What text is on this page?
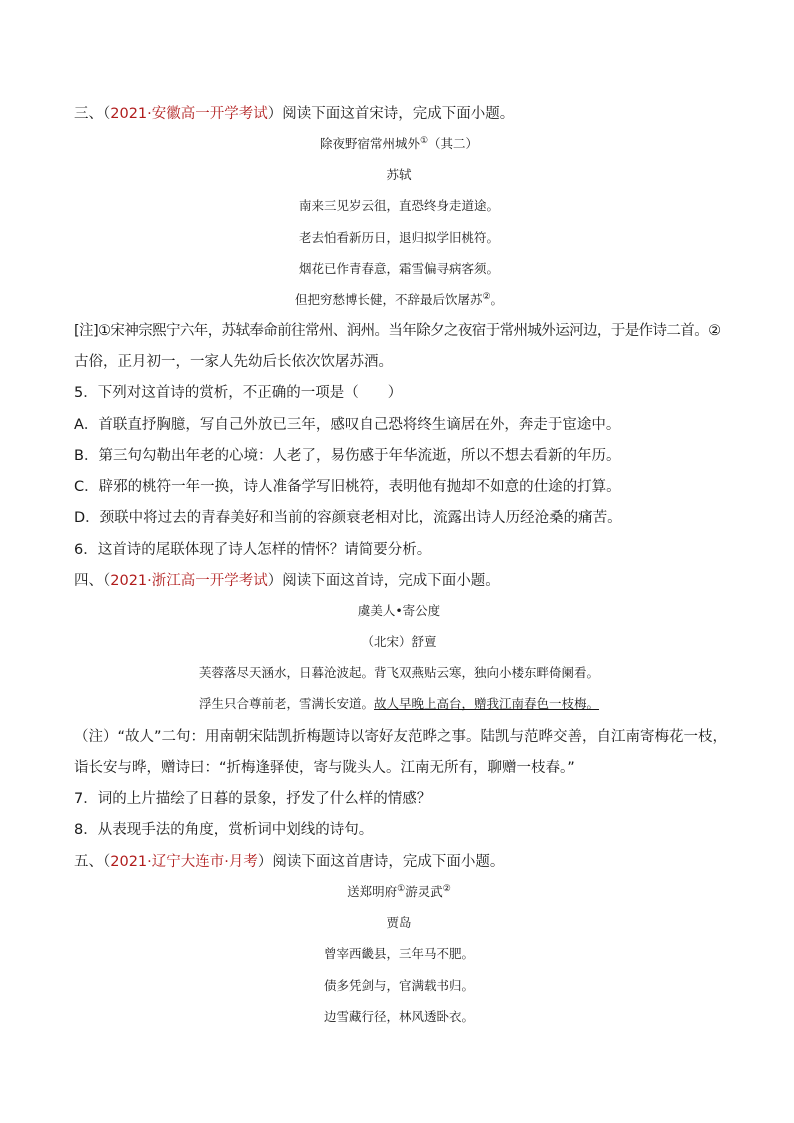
三、（2021·安徽高一开学考试）阅读下面这首宋诗，完成下面小题。
除夜野宿常州城外①（其二）
苏轼
南来三见岁云徂，直恐终身走道途。
老去怕看新历日，退归拟学旧桃符。
烟花已作青春意，霜雪偏寻病客须。
但把穷愁博长健，不辞最后饮屠苏②。
[注]①宋神宗熙宁六年，苏轼奉命前往常州、润州。当年除夕之夜宿于常州城外运河边，于是作诗二首。②
古俗，正月初一，一家人先幼后长依次饮屠苏酒。
5．下列对这首诗的赏析，不正确的一项是（　　）
A．首联直抒胸臆，写自己外放已三年，感叹自己恐将终生谪居在外，奔走于宦途中。
B．第三句勾勒出年老的心境：人老了，易伤感于年华流逝，所以不想去看新的年历。
C．辟邪的桃符一年一换，诗人准备学写旧桃符，表明他有抛却不如意的仕途的打算。
D．颈联中将过去的青春美好和当前的容颜衰老相对比，流露出诗人历经沧桑的痛苦。
6．这首诗的尾联体现了诗人怎样的情怀？请简要分析。
四、（2021·浙江高一开学考试）阅读下面这首诗，完成下面小题。
虞美人•寄公度
（北宋）舒亶
芙蓉落尽天涵水，日暮沧波起。背飞双燕贴云寒，独向小楼东畔倚阑看。
浮生只合尊前老，雪满长安道。故人早晚上高台，赠我江南春色一枝梅。
（注）“故人”二句：用南朝宋陆凯折梅题诗以寄好友范晔之事。陆凯与范晔交善，自江南寄梅花一枝，
诣长安与晔，赠诗曰：“折梅逢驿使，寄与陇头人。江南无所有，聊赠一枝春。”
7．词的上片描绘了日暮的景象，抒发了什么样的情感？
8．从表现手法的角度，赏析词中划线的诗句。
五、（2021·辽宁大连市·月考）阅读下面这首唐诗，完成下面小题。
送郑明府①游灵武②
贾岛
曾宰西畿县，三年马不肥。
债多凭剑与，官满载书归。
边雪藏行径，林风透卧衣。
